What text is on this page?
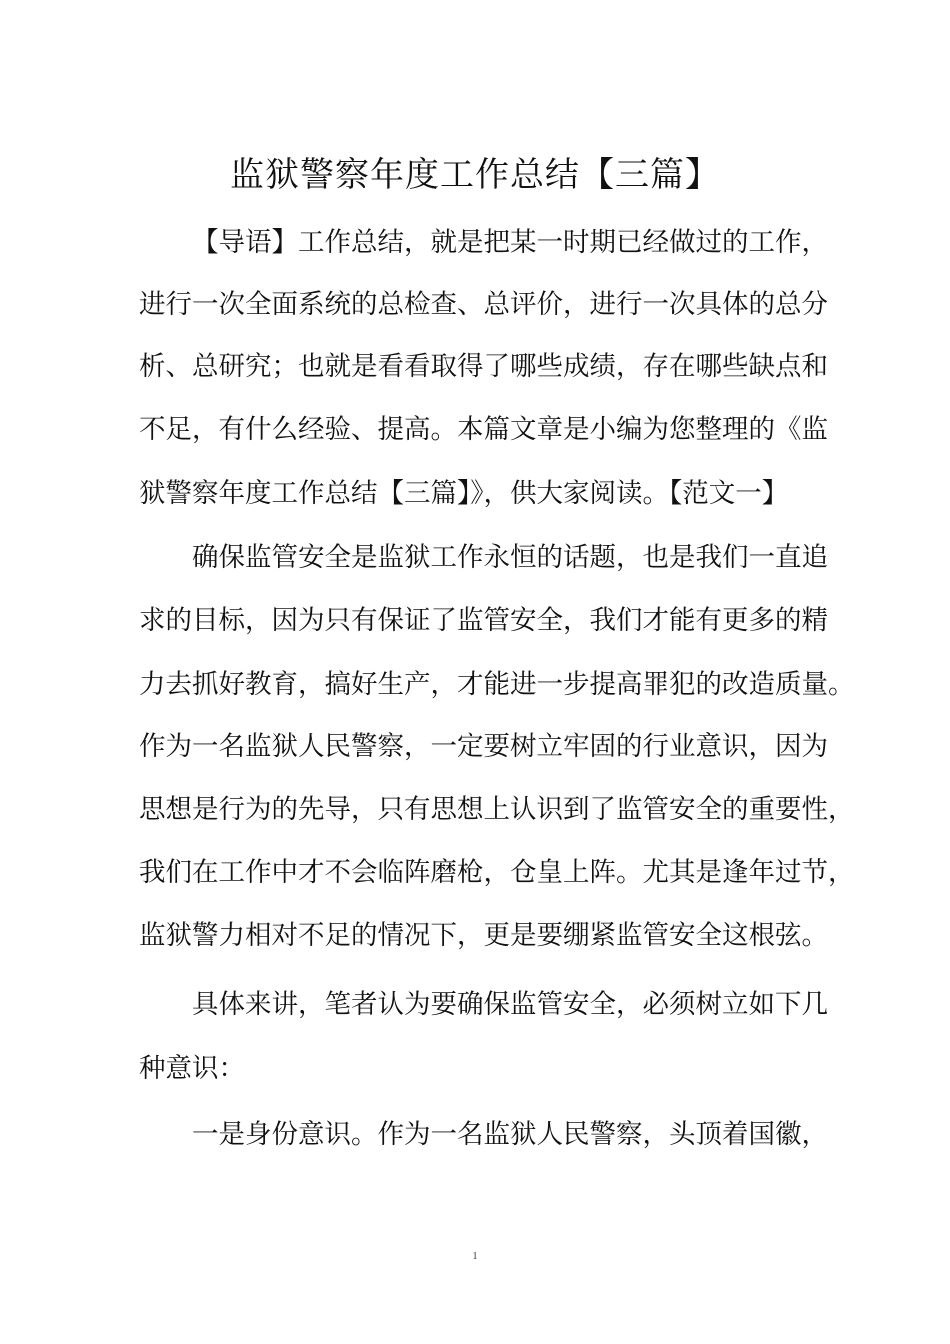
监狱警察年度工作总结【三篇】
【导语】工作总结，就是把某一时期已经做过的工作，
进行一次全面系统的总检查、总评价，进行一次具体的总分
析、总研究；也就是看看取得了哪些成绩，存在哪些缺点和
不足，有什么经验、提高。本篇文章是小编为您整理的《监
狱警察年度工作总结【三篇】》，供大家阅读。【范文一】
确保监管安全是监狱工作永恒的话题，也是我们一直追
求的目标，因为只有保证了监管安全，我们才能有更多的精
力去抓好教育，搞好生产，才能进一步提高罪犯的改造质量。
作为一名监狱人民警察，一定要树立牢固的行业意识，因为
思想是行为的先导，只有思想上认识到了监管安全的重要性，
我们在工作中才不会临阵磨枪，仓皇上阵。尤其是逢年过节，
监狱警力相对不足的情况下，更是要绷紧监管安全这根弦。
具体来讲，笔者认为要确保监管安全，必须树立如下几
种意识：
一是身份意识。作为一名监狱人民警察，头顶着国徽，
1
